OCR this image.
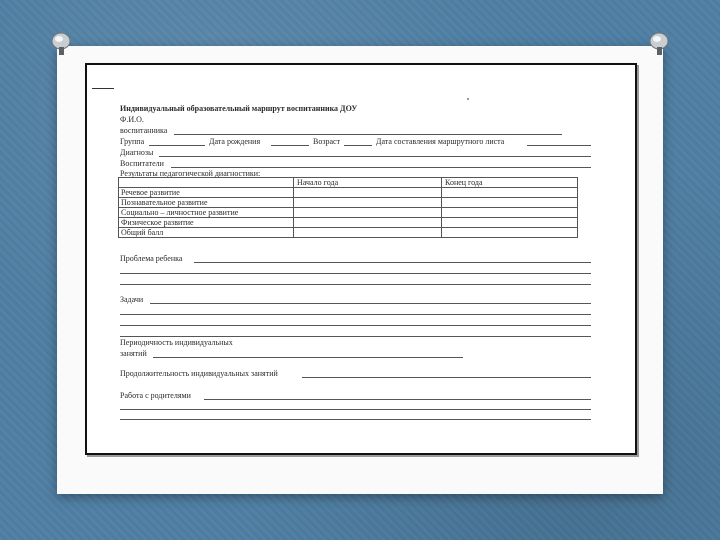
Индивидуальный образовательный маршрут воспитанника ДОУ
Ф.И.О.
воспитанника
Группа	Дата рождения	Возраст	Дата составления маршрутного листа
Диагнозы
Воспитатели
Результаты педагогической диагностики:
	Начало года	Конец года
Речевое развитие		
Познавательное развитие		
Социально – личностное развитие		
Физическое развитие		
Общий балл		
Проблема ребенка
Задачи
Периодичность индивидуальных
занятий
Продолжительность индивидуальных занятий
Работа с родителями
